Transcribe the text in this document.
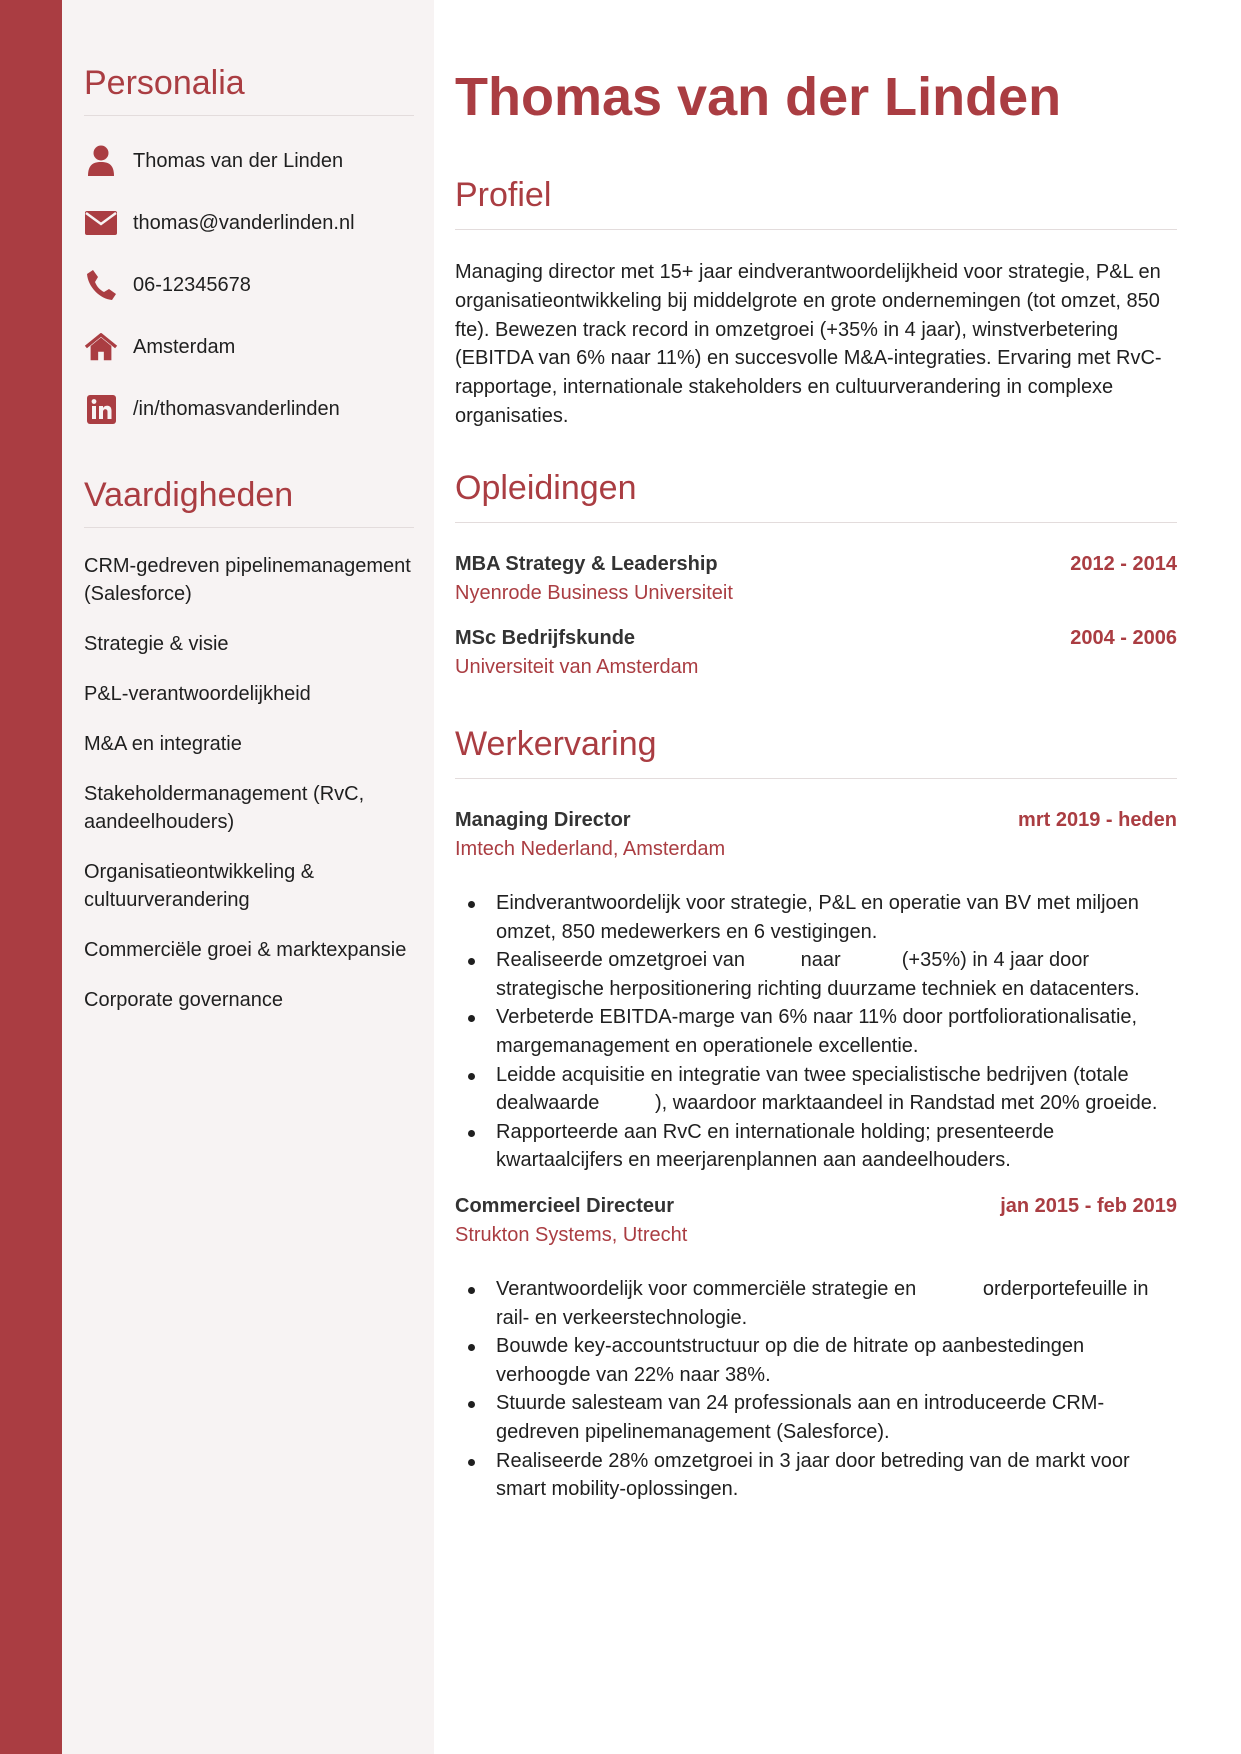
Personalia
Thomas van der Linden
thomas@vanderlinden.nl
06-12345678
Amsterdam
/in/thomasvanderlinden
Vaardigheden
CRM-gedreven pipelinemanagement (Salesforce)
Strategie & visie
P&L-verantwoordelijkheid
M&A en integratie
Stakeholdermanagement (RvC, aandeelhouders)
Organisatieontwikkeling & cultuurverandering
Commerciële groei & marktexpansie
Corporate governance
Thomas van der Linden
Profiel
Managing director met 15+ jaar eindverantwoordelijkheid voor strategie, P&L en organisatieontwikkeling bij middelgrote en grote ondernemingen (tot omzet, 850 fte). Bewezen track record in omzetgroei (+35% in 4 jaar), winstverbetering (EBITDA van 6% naar 11%) en succesvolle M&A-integraties. Ervaring met RvC-rapportage, internationale stakeholders en cultuurverandering in complexe organisaties.
Opleidingen
MBA Strategy & Leadership	2012 - 2014
Nyenrode Business Universiteit
MSc Bedrijfskunde	2004 - 2006
Universiteit van Amsterdam
Werkervaring
Managing Director	mrt 2019 - heden
Imtech Nederland, Amsterdam
Eindverantwoordelijk voor strategie, P&L en operatie van BV met miljoen omzet, 850 medewerkers en 6 vestigingen.
Realiseerde omzetgroei van          naar           (+35%) in 4 jaar door strategische herpositionering richting duurzame techniek en datacenters.
Verbeterde EBITDA-marge van 6% naar 11% door portfoliorationalisatie, margemanagement en operationele excellentie.
Leidde acquisitie en integratie van twee specialistische bedrijven (totale dealwaarde          ), waardoor marktaandeel in Randstad met 20% groeide.
Rapporteerde aan RvC en internationale holding; presenteerde kwartaalcijfers en meerjarenplannen aan aandeelhouders.
Commercieel Directeur	jan 2015 - feb 2019
Strukton Systems, Utrecht
Verantwoordelijk voor commerciële strategie en            orderportefeuille in rail- en verkeerstechnologie.
Bouwde key-accountstructuur op die de hitrate op aanbestedingen verhoogde van 22% naar 38%.
Stuurde salesteam van 24 professionals aan en introduceerde CRM-gedreven pipelinemanagement (Salesforce).
Realiseerde 28% omzetgroei in 3 jaar door betreding van de markt voor smart mobility-oplossingen.
